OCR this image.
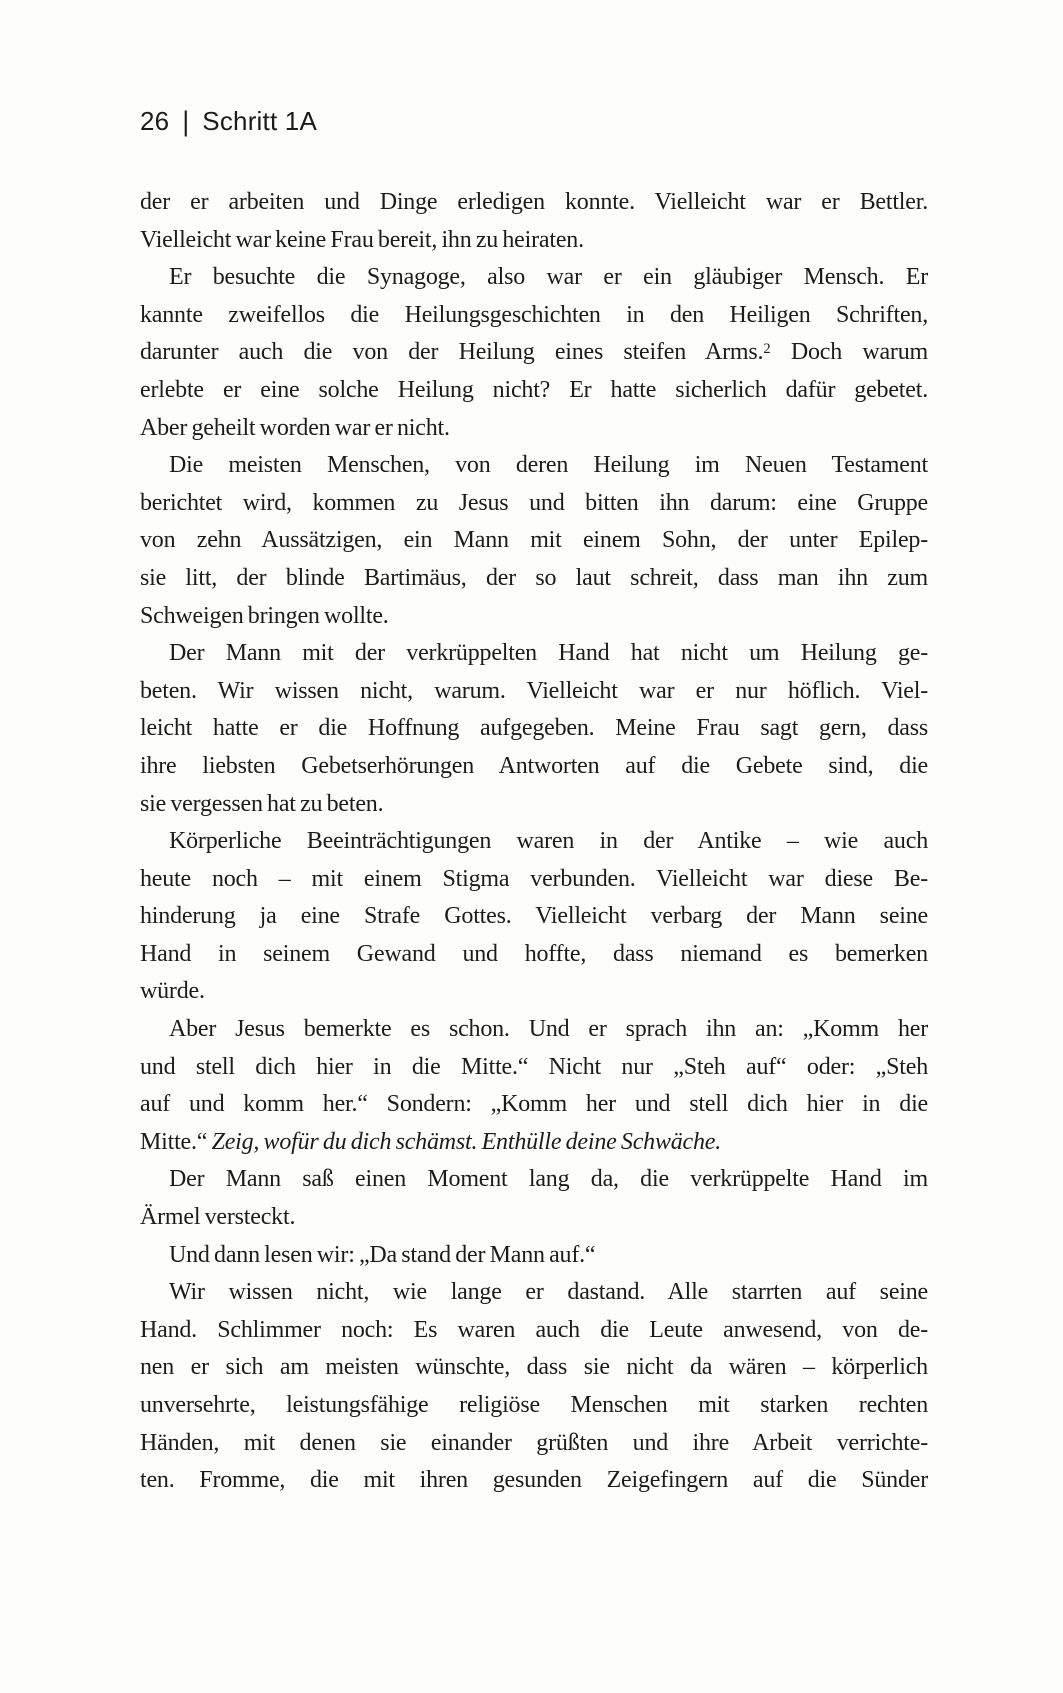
26 | Schritt 1A
der er arbeiten und Dinge erledigen konnte. Vielleicht war er Bettler.
Vielleicht war keine Frau bereit, ihn zu heiraten.
Er besuchte die Synagoge, also war er ein gläubiger Mensch. Er
kannte zweifellos die Heilungsgeschichten in den Heiligen Schriften,
darunter auch die von der Heilung eines steifen Arms.$^2$ Doch warum
erlebte er eine solche Heilung nicht? Er hatte sicherlich dafür gebetet.
Aber geheilt worden war er nicht.
Die meisten Menschen, von deren Heilung im Neuen Testament
berichtet wird, kommen zu Jesus und bitten ihn darum: eine Gruppe
von zehn Aussätzigen, ein Mann mit einem Sohn, der unter Epilep-
sie litt, der blinde Bartimäus, der so laut schreit, dass man ihn zum
Schweigen bringen wollte.
Der Mann mit der verkrüppelten Hand hat nicht um Heilung ge-
beten. Wir wissen nicht, warum. Vielleicht war er nur höflich. Viel-
leicht hatte er die Hoffnung aufgegeben. Meine Frau sagt gern, dass
ihre liebsten Gebetserhörungen Antworten auf die Gebete sind, die
sie vergessen hat zu beten.
Körperliche Beeinträchtigungen waren in der Antike – wie auch
heute noch – mit einem Stigma verbunden. Vielleicht war diese Be-
hinderung ja eine Strafe Gottes. Vielleicht verbarg der Mann seine
Hand in seinem Gewand und hoffte, dass niemand es bemerken
würde.
Aber Jesus bemerkte es schon. Und er sprach ihn an: „Komm her
und stell dich hier in die Mitte.“ Nicht nur „Steh auf“ oder: „Steh
auf und komm her.“ Sondern: „Komm her und stell dich hier in die
Mitte.“ Zeig, wofür du dich schämst. Enthülle deine Schwäche.
Der Mann saß einen Moment lang da, die verkrüppelte Hand im
Ärmel versteckt.
Und dann lesen wir: „Da stand der Mann auf.“
Wir wissen nicht, wie lange er dastand. Alle starrten auf seine
Hand. Schlimmer noch: Es waren auch die Leute anwesend, von de-
nen er sich am meisten wünschte, dass sie nicht da wären – körperlich
unversehrte, leistungsfähige religiöse Menschen mit starken rechten
Händen, mit denen sie einander grüßten und ihre Arbeit verrichte-
ten. Fromme, die mit ihren gesunden Zeigefingern auf die Sünder
